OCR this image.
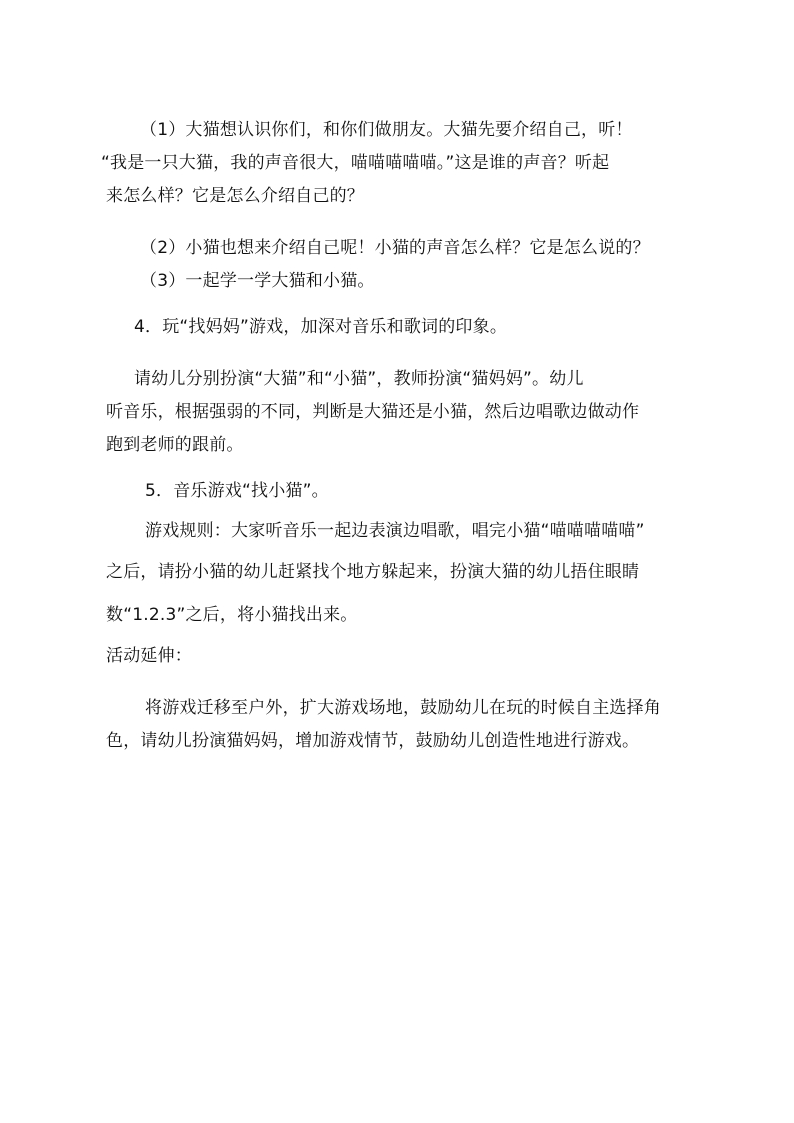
（1）大猫想认识你们，和你们做朋友。大猫先要介绍自己，听！
“我是一只大猫，我的声音很大，喵喵喵喵喵。”这是谁的声音？听起
来怎么样？它是怎么介绍自己的？
（2）小猫也想来介绍自己呢！小猫的声音怎么样？它是怎么说的？
（3）一起学一学大猫和小猫。
4．玩“找妈妈”游戏，加深对音乐和歌词的印象。
请幼儿分别扮演“大猫”和“小猫”，教师扮演“猫妈妈”。幼儿
听音乐，根据强弱的不同，判断是大猫还是小猫，然后边唱歌边做动作
跑到老师的跟前。
5．音乐游戏“找小猫”。
游戏规则：大家听音乐一起边表演边唱歌，唱完小猫“喵喵喵喵喵”
之后，请扮小猫的幼儿赶紧找个地方躲起来，扮演大猫的幼儿捂住眼睛
数“1.2.3”之后，将小猫找出来。
活动延伸：
将游戏迁移至户外，扩大游戏场地，鼓励幼儿在玩的时候自主选择角
色，请幼儿扮演猫妈妈，增加游戏情节，鼓励幼儿创造性地进行游戏。
